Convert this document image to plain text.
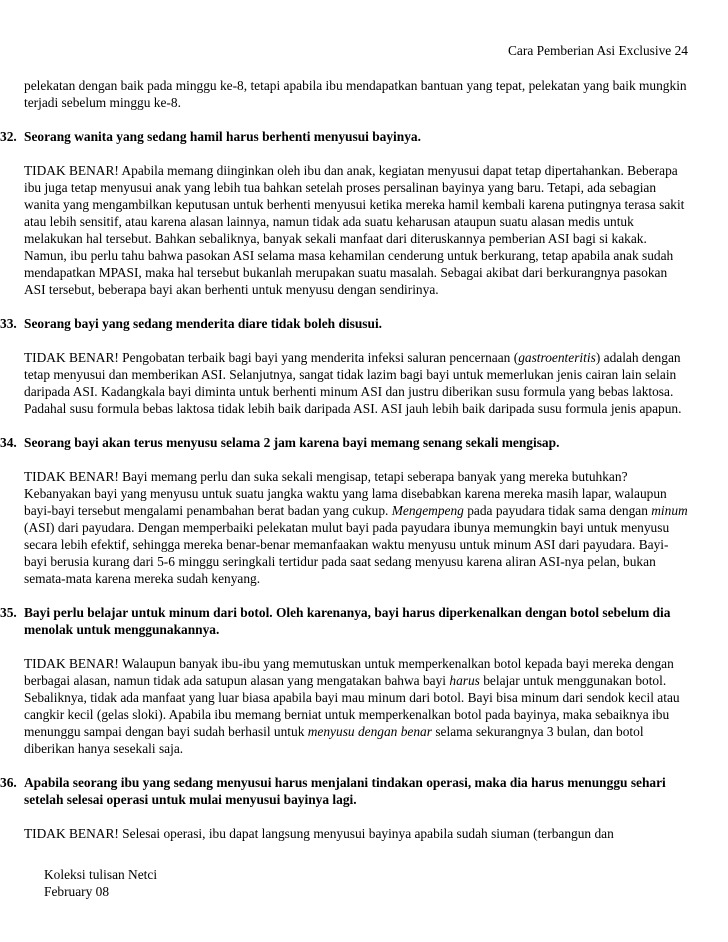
Cara Pemberian Asi Exclusive 24
pelekatan dengan baik pada minggu ke-8, tetapi apabila ibu mendapatkan bantuan yang tepat, pelekatan yang baik mungkin terjadi sebelum minggu ke-8.
32. Seorang wanita yang sedang hamil harus berhenti menyusui bayinya.
TIDAK BENAR! Apabila memang diinginkan oleh ibu dan anak, kegiatan menyusui dapat tetap dipertahankan. Beberapa ibu juga tetap menyusui anak yang lebih tua bahkan setelah proses persalinan bayinya yang baru. Tetapi, ada sebagian wanita yang mengambilkan keputusan untuk berhenti menyusui ketika mereka hamil kembali karena putingnya terasa sakit atau lebih sensitif, atau karena alasan lainnya, namun tidak ada suatu keharusan ataupun suatu alasan medis untuk melakukan hal tersebut. Bahkan sebaliknya, banyak sekali manfaat dari diteruskannya pemberian ASI bagi si kakak. Namun, ibu perlu tahu bahwa pasokan ASI selama masa kehamilan cenderung untuk berkurang, tetap apabila anak sudah mendapatkan MPASI, maka hal tersebut bukanlah merupakan suatu masalah. Sebagai akibat dari berkurangnya pasokan ASI tersebut, beberapa bayi akan berhenti untuk menyusu dengan sendirinya.
33. Seorang bayi yang sedang menderita diare tidak boleh disusui.
TIDAK BENAR! Pengobatan terbaik bagi bayi yang menderita infeksi saluran pencernaan (gastroenteritis) adalah dengan tetap menyusui dan memberikan ASI. Selanjutnya, sangat tidak lazim bagi bayi untuk memerlukan jenis cairan lain selain daripada ASI. Kadangkala bayi diminta untuk berhenti minum ASI dan justru diberikan susu formula yang bebas laktosa. Padahal susu formula bebas laktosa tidak lebih baik daripada ASI. ASI jauh lebih baik daripada susu formula jenis apapun.
34. Seorang bayi akan terus menyusu selama 2 jam karena bayi memang senang sekali mengisap.
TIDAK BENAR! Bayi memang perlu dan suka sekali mengisap, tetapi seberapa banyak yang mereka butuhkan? Kebanyakan bayi yang menyusu untuk suatu jangka waktu yang lama disebabkan karena mereka masih lapar, walaupun bayi-bayi tersebut mengalami penambahan berat badan yang cukup. Mengempeng pada payudara tidak sama dengan minum (ASI) dari payudara. Dengan memperbaiki pelekatan mulut bayi pada payudara ibunya memungkin bayi untuk menyusu secara lebih efektif, sehingga mereka benar-benar memanfaakan waktu menyusu untuk minum ASI dari payudara. Bayi-bayi berusia kurang dari 5-6 minggu seringkali tertidur pada saat sedang menyusu karena aliran ASI-nya pelan, bukan semata-mata karena mereka sudah kenyang.
35. Bayi perlu belajar untuk minum dari botol. Oleh karenanya, bayi harus diperkenalkan dengan botol sebelum dia menolak untuk menggunakannya.
TIDAK BENAR! Walaupun banyak ibu-ibu yang memutuskan untuk memperkenalkan botol kepada bayi mereka dengan berbagai alasan, namun tidak ada satupun alasan yang mengatakan bahwa bayi harus belajar untuk menggunakan botol. Sebaliknya, tidak ada manfaat yang luar biasa apabila bayi mau minum dari botol. Bayi bisa minum dari sendok kecil atau cangkir kecil (gelas sloki). Apabila ibu memang berniat untuk memperkenalkan botol pada bayinya, maka sebaiknya ibu menunggu sampai dengan bayi sudah berhasil untuk menyusu dengan benar selama sekurangnya 3 bulan, dan botol diberikan hanya sesekali saja.
36. Apabila seorang ibu yang sedang menyusui harus menjalani tindakan operasi, maka dia harus menunggu sehari setelah selesai operasi untuk mulai menyusui bayinya lagi.
TIDAK BENAR! Selesai operasi, ibu dapat langsung menyusui bayinya apabila sudah siuman (terbangun dan
Koleksi tulisan Netci
February 08
